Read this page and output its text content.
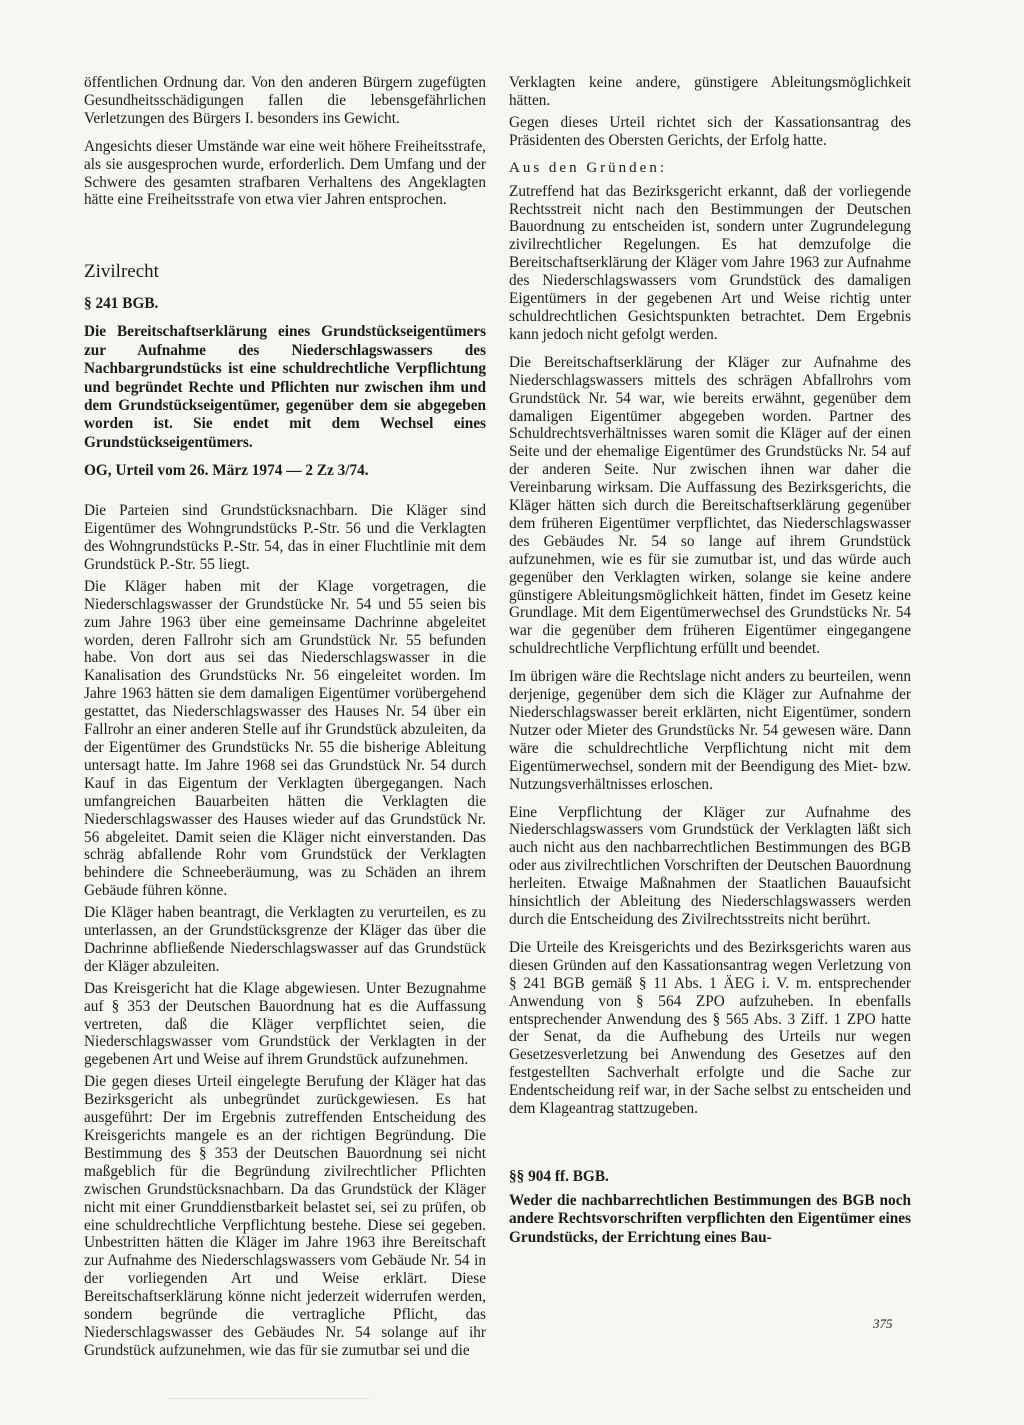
öffentlichen Ordnung dar. Von den anderen Bürgern zugefügten Gesundheitsschädigungen fallen die lebensgefährlichen Verletzungen des Bürgers I. besonders ins Gewicht.

Angesichts dieser Umstände war eine weit höhere Freiheitsstrafe, als sie ausgesprochen wurde, erforderlich. Dem Umfang und der Schwere des gesamten strafbaren Verhaltens des Angeklagten hätte eine Freiheitsstrafe von etwa vier Jahren entsprochen.

Zivilrecht
§ 241 BGB.
Die Bereitschaftserklärung eines Grundstückseigentümers zur Aufnahme des Niederschlagswassers des Nachbargrundstücks ist eine schuldrechtliche Verpflichtung und begründet Rechte und Pflichten nur zwischen ihm und dem Grundstückseigentümer, gegenüber dem sie abgegeben worden ist. Sie endet mit dem Wechsel eines Grundstückseigentümers.
OG, Urteil vom 26. März 1974 — 2 Zz 3/74.

Die Parteien sind Grundstücksnachbarn. Die Kläger sind Eigentümer des Wohngrundstücks P.-Str. 56 und die Verklagten des Wohngrundstücks P.-Str. 54, das in einer Fluchtlinie mit dem Grundstück P.-Str. 55 liegt.

Die Kläger haben mit der Klage vorgetragen, die Niederschlagswasser der Grundstücke Nr. 54 und 55 seien bis zum Jahre 1963 über eine gemeinsame Dachrinne abgeleitet worden, deren Fallrohr sich am Grundstück Nr. 55 befunden habe. Von dort aus sei das Niederschlagswasser in die Kanalisation des Grundstücks Nr. 56 eingeleitet worden. Im Jahre 1963 hätten sie dem damaligen Eigentümer vorübergehend gestattet, das Niederschlagswasser des Hauses Nr. 54 über ein Fallrohr an einer anderen Stelle auf ihr Grundstück abzuleiten, da der Eigentümer des Grundstücks Nr. 55 die bisherige Ableitung untersagt hatte. Im Jahre 1968 sei das Grundstück Nr. 54 durch Kauf in das Eigentum der Verklagten übergegangen. Nach umfangreichen Bauarbeiten hätten die Verklagten die Niederschlagswasser des Hauses wieder auf das Grundstück Nr. 56 abgeleitet. Damit seien die Kläger nicht einverstanden. Das schräg abfallende Rohr vom Grundstück der Verklagten behindere die Schneeberäumung, was zu Schäden an ihrem Gebäude führen könne.

Die Kläger haben beantragt, die Verklagten zu verurteilen, es zu unterlassen, an der Grundstücksgrenze der Kläger das über die Dachrinne abfließende Niederschlagswasser auf das Grundstück der Kläger abzuleiten.

Das Kreisgericht hat die Klage abgewiesen. Unter Bezugnahme auf § 353 der Deutschen Bauordnung hat es die Auffassung vertreten, daß die Kläger verpflichtet seien, die Niederschlagswasser vom Grundstück der Verklagten in der gegebenen Art und Weise auf ihrem Grundstück aufzunehmen.

Die gegen dieses Urteil eingelegte Berufung der Kläger hat das Bezirksgericht als unbegründet zurückgewiesen. Es hat ausgeführt: Der im Ergebnis zutreffenden Entscheidung des Kreisgerichts mangele es an der richtigen Begründung. Die Bestimmung des § 353 der Deutschen Bauordnung sei nicht maßgeblich für die Begründung zivilrechtlicher Pflichten zwischen Grundstücksnachbarn. Da das Grundstück der Kläger nicht mit einer Grunddienstbarkeit belastet sei, sei zu prüfen, ob eine schuldrechtliche Verpflichtung bestehe. Diese sei gegeben. Unbestritten hätten die Kläger im Jahre 1963 ihre Bereitschaft zur Aufnahme des Niederschlagswassers vom Gebäude Nr. 54 in der vorliegenden Art und Weise erklärt. Diese Bereitschaftserklärung könne nicht jederzeit widerrufen werden, sondern begründe die vertragliche Pflicht, das Niederschlagswasser des Gebäudes Nr. 54 solange auf ihr Grundstück aufzunehmen, wie das für sie zumutbar sei und die

Verklagten keine andere, günstigere Ableitungsmöglichkeit hätten.

Gegen dieses Urteil richtet sich der Kassationsantrag des Präsidenten des Obersten Gerichts, der Erfolg hatte.

Aus den Gründen:

Zutreffend hat das Bezirksgericht erkannt, daß der vorliegende Rechtsstreit nicht nach den Bestimmungen der Deutschen Bauordnung zu entscheiden ist, sondern unter Zugrundelegung zivilrechtlicher Regelungen. Es hat demzufolge die Bereitschaftserklärung der Kläger vom Jahre 1963 zur Aufnahme des Niederschlagswassers vom Grundstück des damaligen Eigentümers in der gegebenen Art und Weise richtig unter schuldrechtlichen Gesichtspunkten betrachtet. Dem Ergebnis kann jedoch nicht gefolgt werden.

Die Bereitschaftserklärung der Kläger zur Aufnahme des Niederschlagswassers mittels des schrägen Abfallrohrs vom Grundstück Nr. 54 war, wie bereits erwähnt, gegenüber dem damaligen Eigentümer abgegeben worden. Partner des Schuldrechtsverhältnisses waren somit die Kläger auf der einen Seite und der ehemalige Eigentümer des Grundstücks Nr. 54 auf der anderen Seite. Nur zwischen ihnen war daher die Vereinbarung wirksam. Die Auffassung des Bezirksgerichts, die Kläger hätten sich durch die Bereitschaftserklärung gegenüber dem früheren Eigentümer verpflichtet, das Niederschlagswasser des Gebäudes Nr. 54 so lange auf ihrem Grundstück aufzunehmen, wie es für sie zumutbar ist, und das würde auch gegenüber den Verklagten wirken, solange sie keine andere günstigere Ableitungsmöglichkeit hätten, findet im Gesetz keine Grundlage. Mit dem Eigentümerwechsel des Grundstücks Nr. 54 war die gegenüber dem früheren Eigentümer eingegangene schuldrechtliche Verpflichtung erfüllt und beendet.

Im übrigen wäre die Rechtslage nicht anders zu beurteilen, wenn derjenige, gegenüber dem sich die Kläger zur Aufnahme der Niederschlagswasser bereit erklärten, nicht Eigentümer, sondern Nutzer oder Mieter des Grundstücks Nr. 54 gewesen wäre. Dann wäre die schuldrechtliche Verpflichtung nicht mit dem Eigentümerwechsel, sondern mit der Beendigung des Miet- bzw. Nutzungsverhältnisses erloschen.

Eine Verpflichtung der Kläger zur Aufnahme des Niederschlagswassers vom Grundstück der Verklagten läßt sich auch nicht aus den nachbarrechtlichen Bestimmungen des BGB oder aus zivilrechtlichen Vorschriften der Deutschen Bauordnung herleiten. Etwaige Maßnahmen der Staatlichen Bauaufsicht hinsichtlich der Ableitung des Niederschlagswassers werden durch die Entscheidung des Zivilrechtsstreits nicht berührt.

Die Urteile des Kreisgerichts und des Bezirksgerichts waren aus diesen Gründen auf den Kassationsantrag wegen Verletzung von § 241 BGB gemäß § 11 Abs. 1 ÄEG i. V. m. entsprechender Anwendung von § 564 ZPO aufzuheben. In ebenfalls entsprechender Anwendung des § 565 Abs. 3 Ziff. 1 ZPO hatte der Senat, da die Aufhebung des Urteils nur wegen Gesetzesverletzung bei Anwendung des Gesetzes auf den festgestellten Sachverhalt erfolgte und die Sache zur Endentscheidung reif war, in der Sache selbst zu entscheiden und dem Klageantrag stattzugeben.

§§ 904 ff. BGB.
Weder die nachbarrechtlichen Bestimmungen des BGB noch andere Rechtsvorschriften verpflichten den Eigentümer eines Grundstücks, der Errichtung eines Bau-
375
